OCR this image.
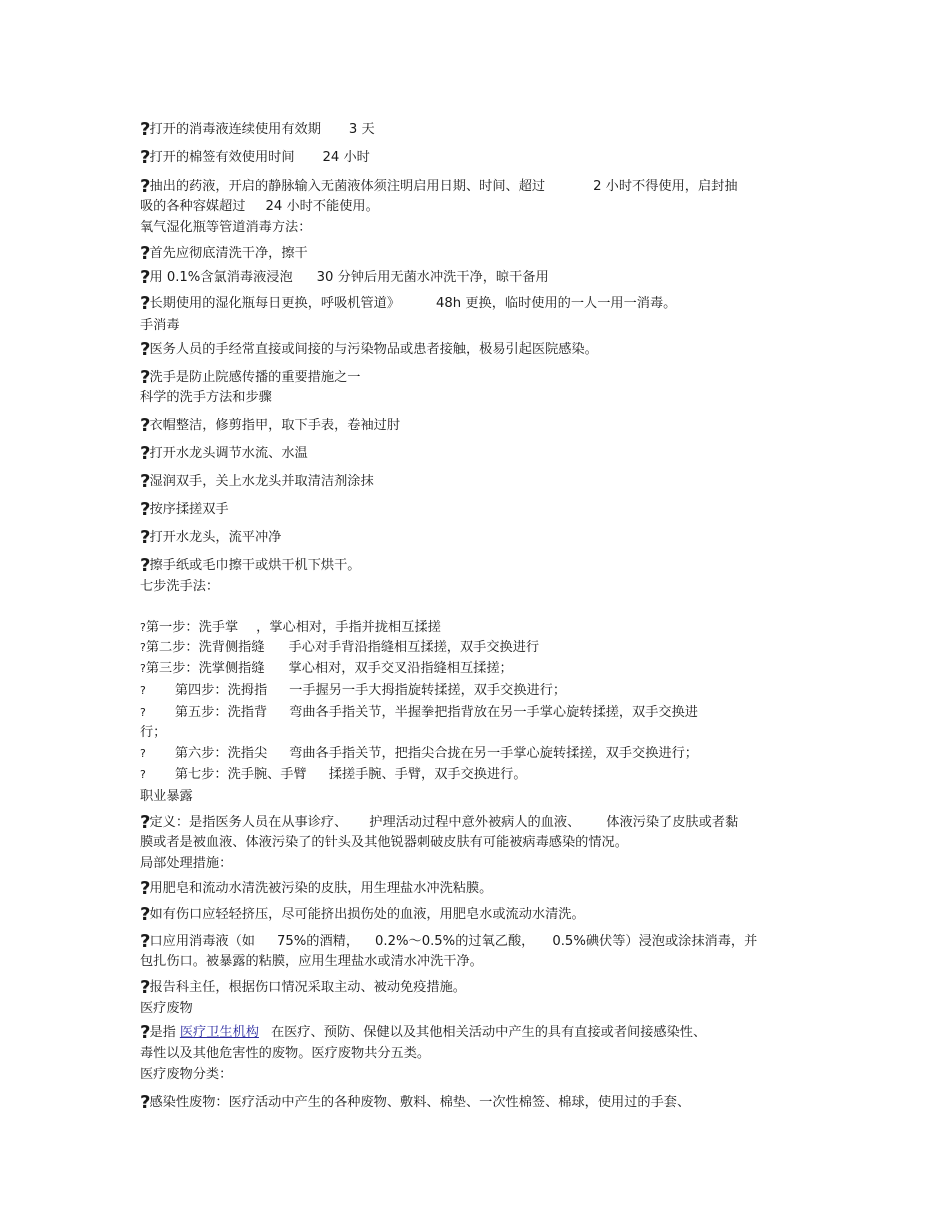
?打开的消毒液连续使用有效期 3 天
?打开的棉签有效使用时间 24 小时
?抽出的药液，开启的静脉输入无菌液体须注明启用日期、时间、超过	2 小时不得使用，启封抽
吸的各种容媒超过 24 小时不能使用。
氧气湿化瓶等管道消毒方法：
?首先应彻底清洗干净，擦干
?用 0.1%含氯消毒液浸泡 30 分钟后用无菌水冲洗干净，晾干备用
?长期使用的湿化瓶每日更换，呼吸机管道》	48h 更换，临时使用的一人一用一消毒。
手消毒
?医务人员的手经常直接或间接的与污染物品或患者接触，极易引起医院感染。
?洗手是防止院感传播的重要措施之一
科学的洗手方法和步骤
?衣帽整洁，修剪指甲，取下手表，卷袖过肘
?打开水龙头调节水流、水温
?湿润双手，关上水龙头并取清洁剂涂抹
?按序揉搓双手
?打开水龙头，流平冲净
?擦手纸或毛巾擦干或烘干机下烘干。
七步洗手法：
?第一步：洗手掌 ，掌心相对，手指并拢相互揉搓
?第二步：洗背侧指缝 手心对手背沿指缝相互揉搓，双手交换进行
?第三步：洗掌侧指缝 掌心相对，双手交叉沿指缝相互揉搓；
? 第四步：洗拇指 一手握另一手大拇指旋转揉搓，双手交换进行；
? 第五步：洗指背 弯曲各手指关节，半握拳把指背放在另一手掌心旋转揉搓，双手交换进
行；
? 第六步：洗指尖 弯曲各手指关节，把指尖合拢在另一手掌心旋转揉搓，双手交换进行；
? 第七步：洗手腕、手臂 揉搓手腕、手臂，双手交换进行。
职业暴露
?定义：是指医务人员在从事诊疗、 护理活动过程中意外被病人的血液、 体液污染了皮肤或者黏
膜或者是被血液、体液污染了的针头及其他锐器刺破皮肤有可能被病毒感染的情况。
局部处理措施：
?用肥皂和流动水清洗被污染的皮肤，用生理盐水冲洗粘膜。
?如有伤口应轻轻挤压，尽可能挤出损伤处的血液，用肥皂水或流动水清洗。
?口应用消毒液（如 75%的酒精， 0.2%～0.5%的过氧乙酸， 0.5%碘伏等）浸泡或涂抹消毒，并
包扎伤口。被暴露的粘膜，应用生理盐水或清水冲洗干净。
?报告科主任，根据伤口情况采取主动、被动免疫措施。
医疗废物
?是指 医疗卫生机构 在医疗、预防、保健以及其他相关活动中产生的具有直接或者间接感染性、
毒性以及其他危害性的废物。医疗废物共分五类。
医疗废物分类：
?感染性废物：医疗活动中产生的各种废物、敷料、棉垫、一次性棉签、棉球，使用过的手套、
